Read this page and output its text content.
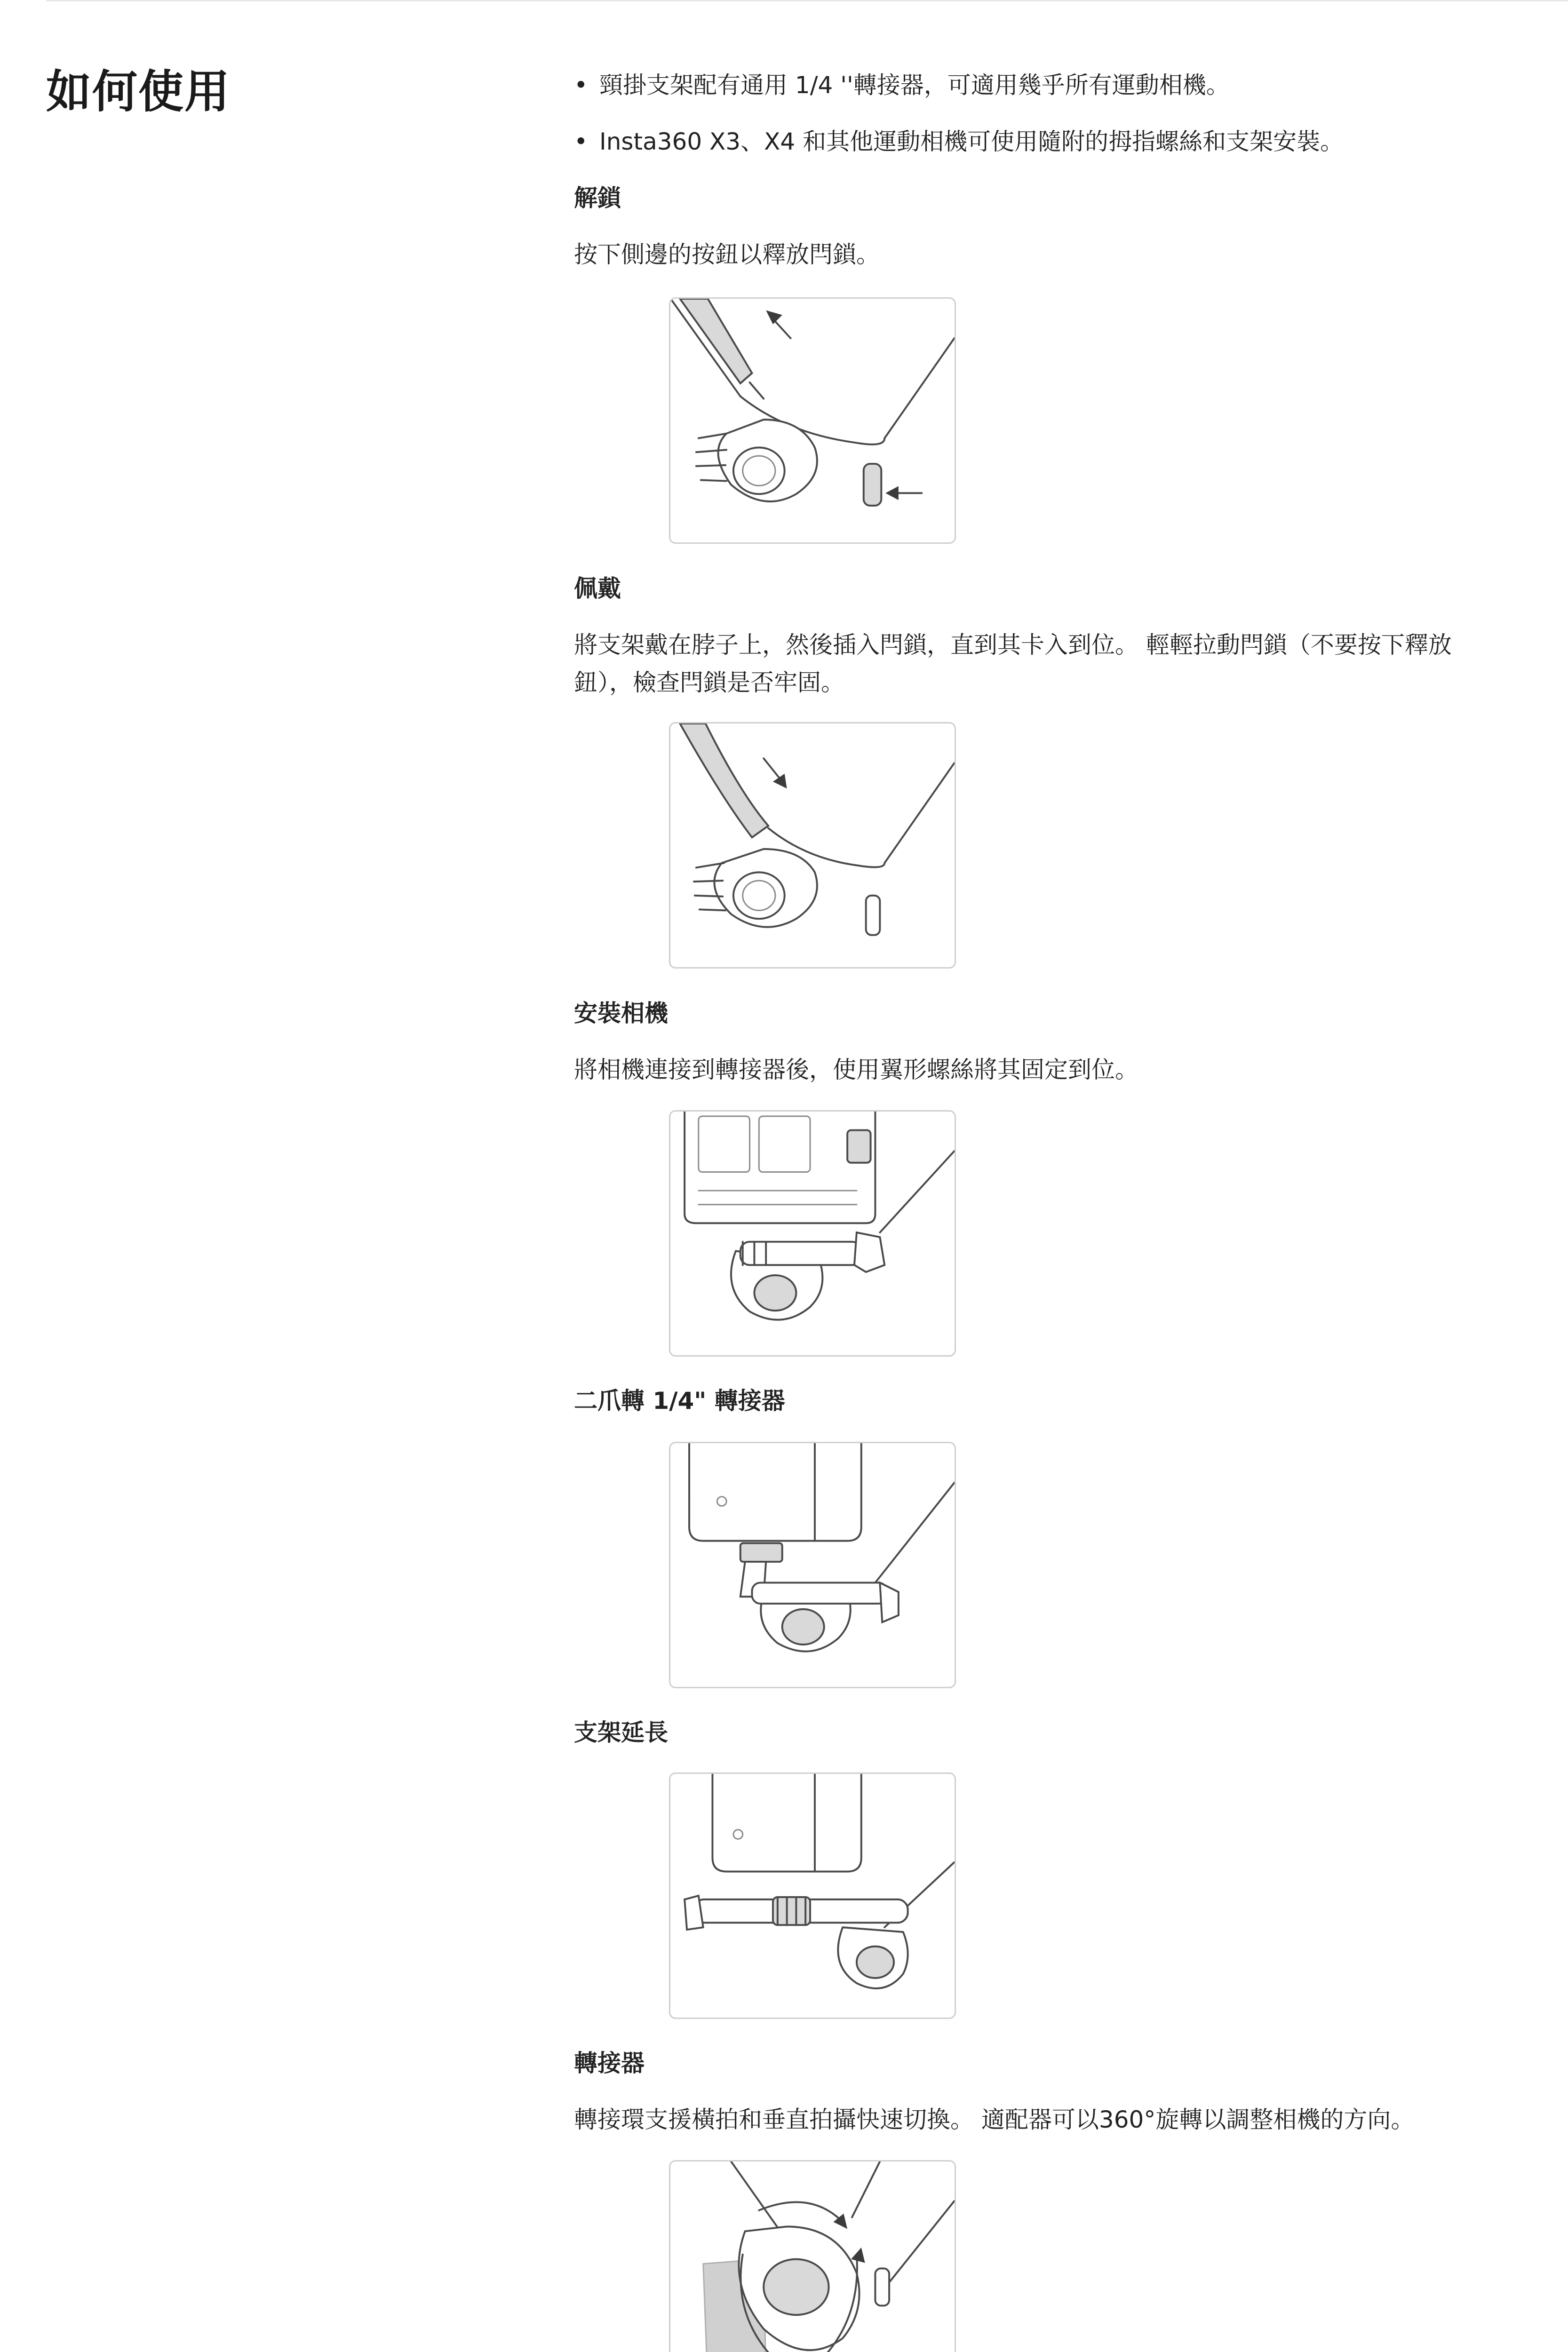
如何使用	• 頸掛支架配有通用 1/4 ''轉接器，可適用幾乎所有運動相機。

• Insta360 X3、X4 和其他運動相機可使用隨附的拇指螺絲和支架安裝。

解鎖

按下側邊的按鈕以釋放閂鎖。

佩戴

將支架戴在脖子上，然後插入閂鎖，直到其卡入到位。 輕輕拉動閂鎖（不要按下釋放

鈕），檢查閂鎖是否牢固。

安裝相機

將相機連接到轉接器後，使用翼形螺絲將其固定到位。

二爪轉 1/4" 轉接器

支架延長

轉接器

轉接環支援橫拍和垂直拍攝快速切換。 適配器可以360°旋轉以調整相機的方向。
